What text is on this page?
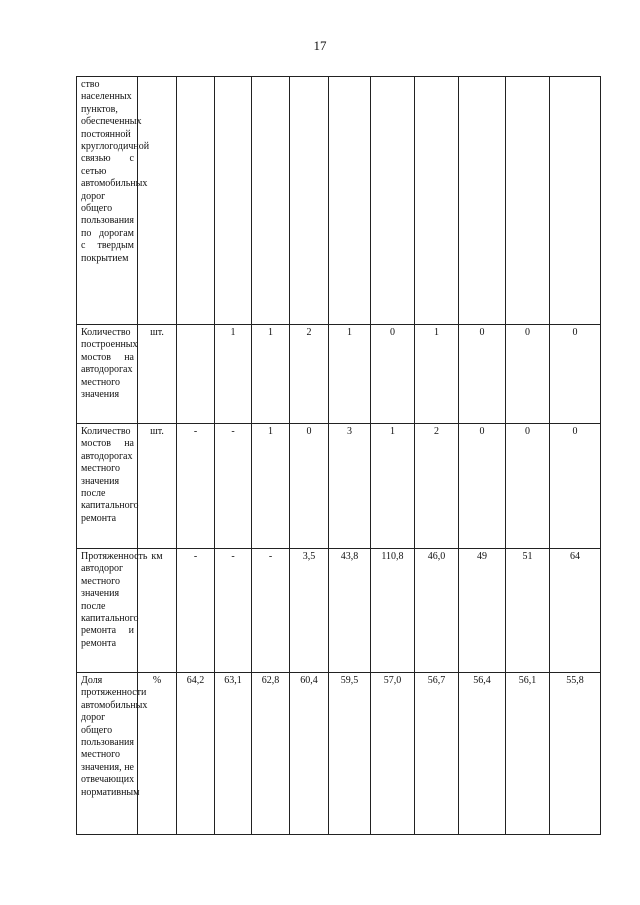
17
ство населенных пунктов, обеспеченных постоянной круглогодичной связью с сетью автомобильных дорог общего пользования по дорогам с твердым покрытием											
Количество построенных мостов на автодорогах местного значения	шт.		1	1	2	1	0	1	0	0	0
Количество мостов на автодорогах местного значения после капитального ремонта	шт.	-	-	1	0	3	1	2	0	0	0
Протяженность автодорог местного значения после капитального ремонта и ремонта	км	-	-	-	3,5	43,8	110,8	46,0	49	51	64
Доля протяженности автомобильных дорог общего пользования местного значения, не отвечающих нормативным	%	64,2	63,1	62,8	60,4	59,5	57,0	56,7	56,4	56,1	55,8
